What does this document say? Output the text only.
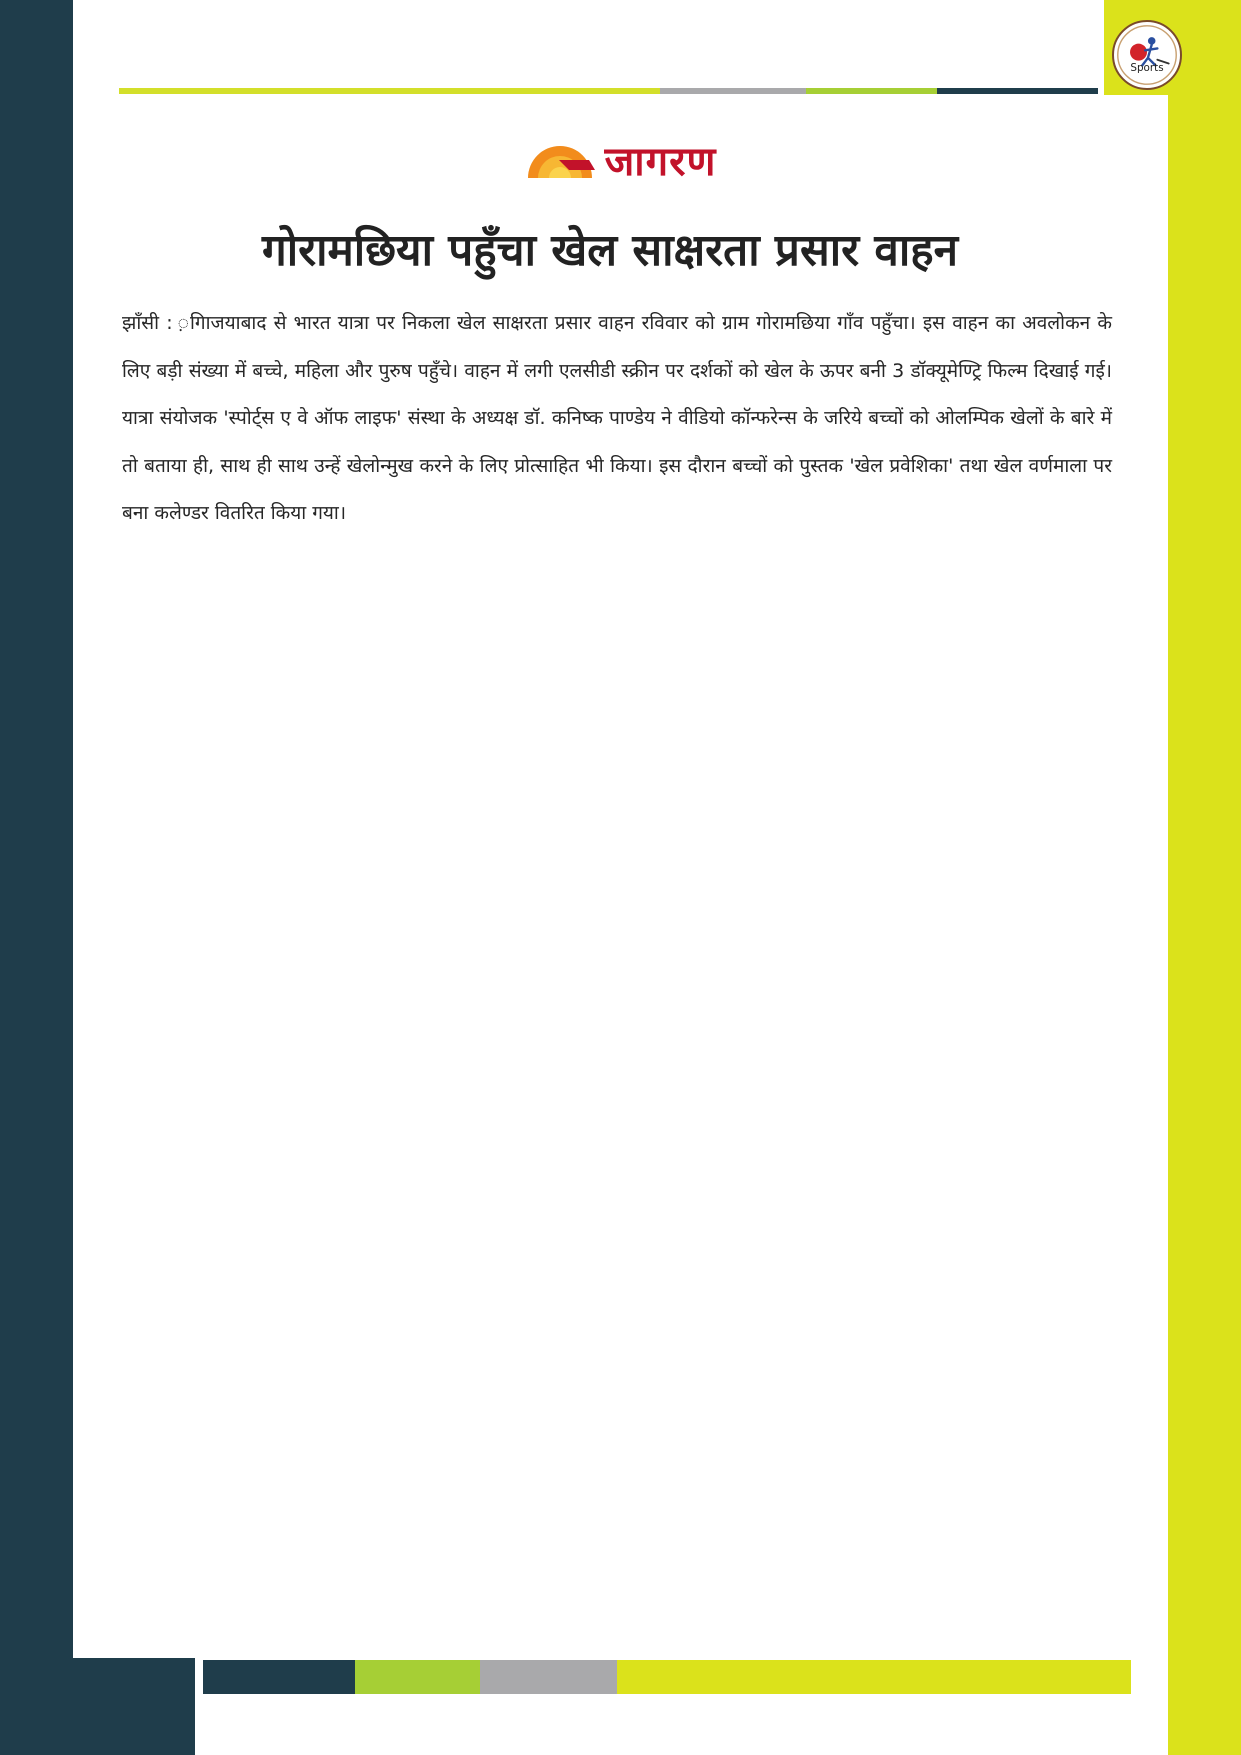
Sports
जागरण
गोरामछिया पहुँचा खेल साक्षरता प्रसार वाहन

झाँसी : ़गािजयाबाद से भारत यात्रा पर निकला खेल साक्षरता प्रसार वाहन रविवार को ग्राम गोरामछिया गाँव पहुँचा। इस वाहन का अवलोकन के लिए बड़ी संख्या में बच्चे, महिला और पुरुष पहुँचे। वाहन में लगी एलसीडी स्क्रीन पर दर्शकों को खेल के ऊपर बनी 3 डॉक्यूमेण्ट्रि फिल्म दिखाई गई। यात्रा संयोजक 'स्पोर्ट्स ए वे ऑफ लाइफ' संस्था के अध्यक्ष डॉ. कनिष्क पाण्डेय ने वीडियो कॉन्फरेन्स के जरिये बच्चों को ओलम्पिक खेलों के बारे में तो बताया ही, साथ ही साथ उन्हें खेलोन्मुख करने के लिए प्रोत्साहित भी किया। इस दौरान बच्चों को पुस्तक 'खेल प्रवेशिका' तथा खेल वर्णमाला पर बना कलेण्डर वितरित किया गया।
